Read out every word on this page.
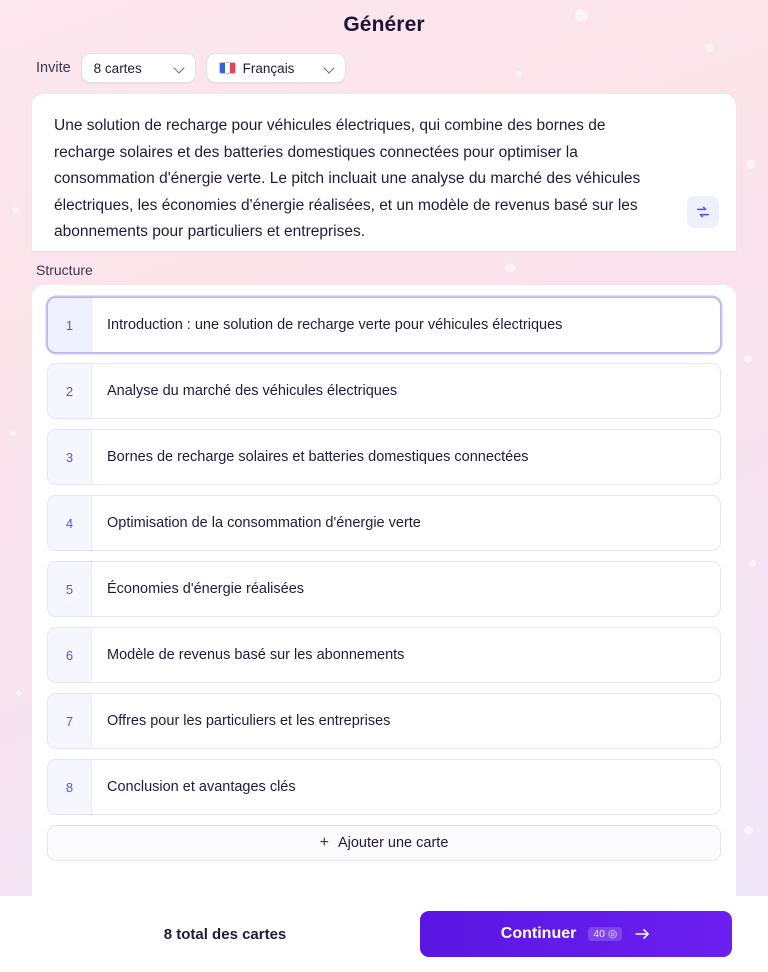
Générer
Invite 8 cartes	Français
Une solution de recharge pour véhicules électriques, qui combine des bornes de recharge solaires et des batteries domestiques connectées pour optimiser la consommation d'énergie verte. Le pitch incluait une analyse du marché des véhicules électriques, les économies d'énergie réalisées, et un modèle de revenus basé sur les abonnements pour particuliers et entreprises.
Structure
1	Introduction : une solution de recharge verte pour véhicules électriques
2	Analyse du marché des véhicules électriques
3	Bornes de recharge solaires et batteries domestiques connectées
4	Optimisation de la consommation d'énergie verte
5	Économies d'énergie réalisées
6	Modèle de revenus basé sur les abonnements
7	Offres pour les particuliers et les entreprises
8	Conclusion et avantages clés
+ Ajouter une carte
8 total des cartes	Continuer 40 ◎
